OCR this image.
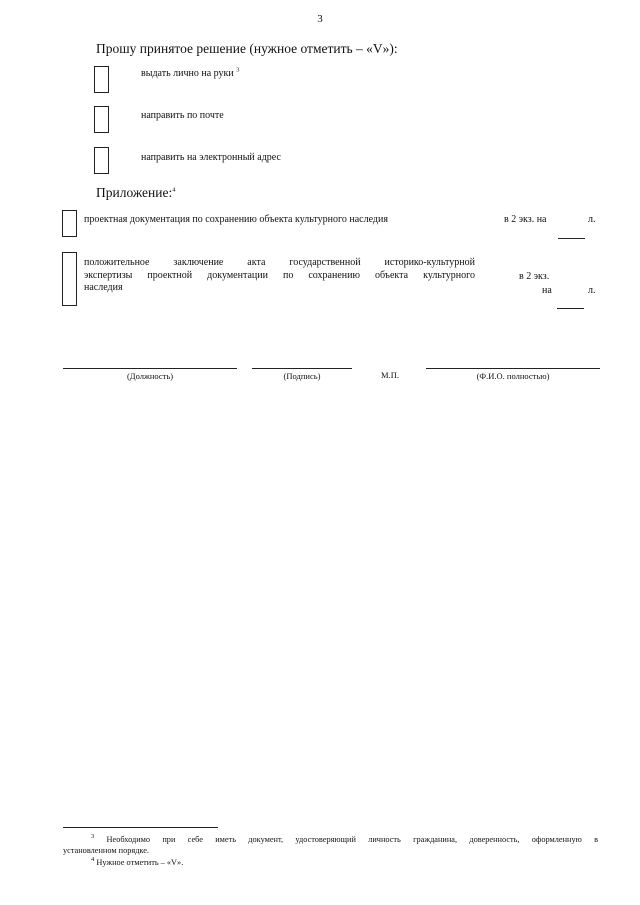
3
Прошу принятое решение (нужное отметить – «V»):
выдать лично на руки $^3$
направить по почте
направить на электронный адрес
Приложение:$^4$
проектная документация по сохранению объекта культурного наследия	в 2 экз. на	л.
положительное заключение акта государственной историко-культурной
экспертизы проектной документации по сохранению объекта культурного
наследия
в 2 экз.
на	л.
(Должность)	(Подпись)	М.П.	(Ф.И.О. полностью)
$^3$ Необходимо при себе иметь документ, удостоверяющий личность гражданина, доверенность, оформленную в
установленном порядке.
$^4$ Нужное отметить – «V».
